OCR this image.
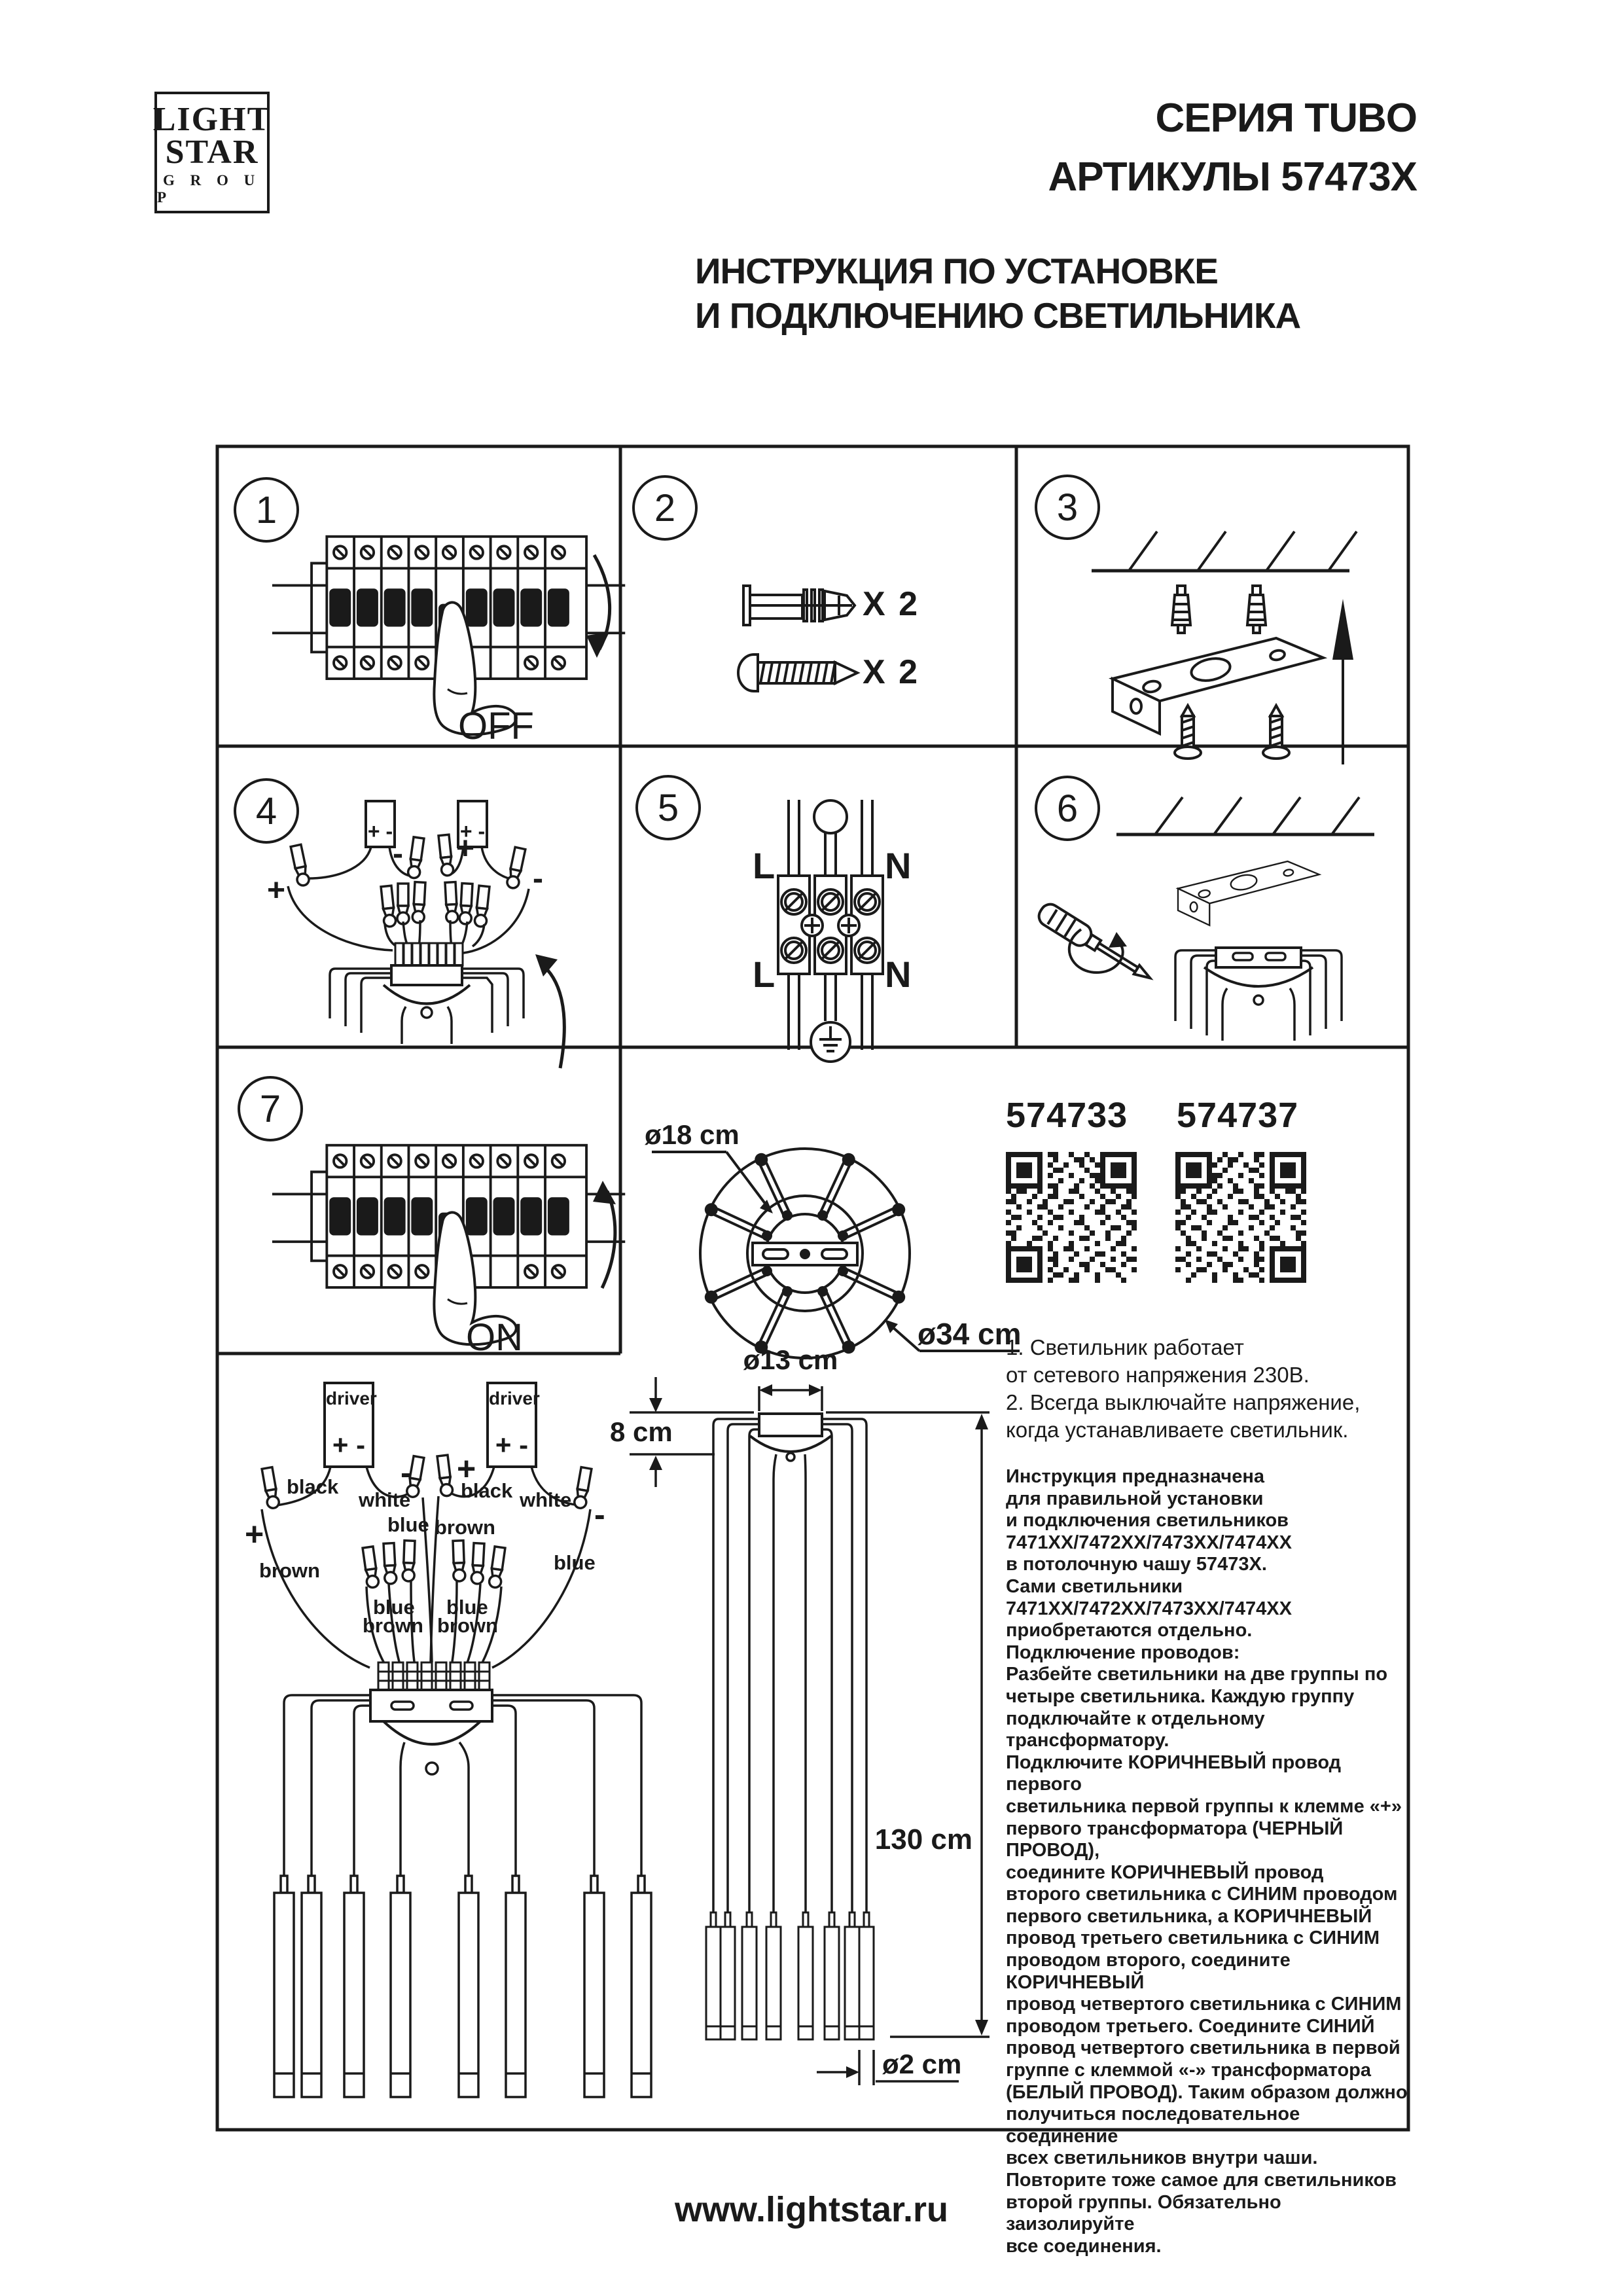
LIGHT
STAR
G R O U P
СЕРИЯ TUBO
АРТИКУЛЫ 57473X
ИНСТРУКЦИЯ ПО УСТАНОВКЕ
И ПОДКЛЮЧЕНИЮ СВЕТИЛЬНИКА
1	2	3
4	5	6
7
OFF
ON
X 2
X 2
+ -	+ -
+
- +
-	L	N
L	N
ø18 cm
ø34 cm
574733 574737
1. Светильник работает
от сетевого напряжения 230В.
2. Всегда выключайте напряжение,
когда устанавливаете светильник.
driver
+ -
driver
+ -
black
white
- +
black white
+
-
blue brown
brown	blue
blue
brown
blue
brown
ø13 cm
8 cm
130 cm
ø2 cm
Инструкция предназначена
для правильной установки
и подключения светильников
7471XX/7472XX/7473XX/7474XX
в потолочную чашу 57473X.
Сами светильники
7471XX/7472XX/7473XX/7474XX
приобретаются отдельно.
Подключение проводов:
Разбейте светильники на две группы по
четыре светильника. Каждую группу
подключайте к отдельному трансформатору.
Подключите КОРИЧНЕВЫЙ провод первого
светильника первой группы к клемме «+»
первого трансформатора (ЧЕРНЫЙ ПРОВОД),
соедините КОРИЧНЕВЫЙ провод
второго светильника с СИНИМ проводом
первого светильника, а КОРИЧНЕВЫЙ
провод третьего светильника с СИНИМ
проводом второго, соедините КОРИЧНЕВЫЙ
провод четвертого светильника с СИНИМ
проводом третьего. Соедините СИНИЙ
провод четвертого светильника в первой
группе с клеммой «-» трансформатора
(БЕЛЫЙ ПРОВОД). Таким образом должно
получиться последовательное соединение
всех светильников внутри чаши.
Повторите тоже самое для светильников
второй группы. Обязательно заизолируйте
все соединения.
www.lightstar.ru
